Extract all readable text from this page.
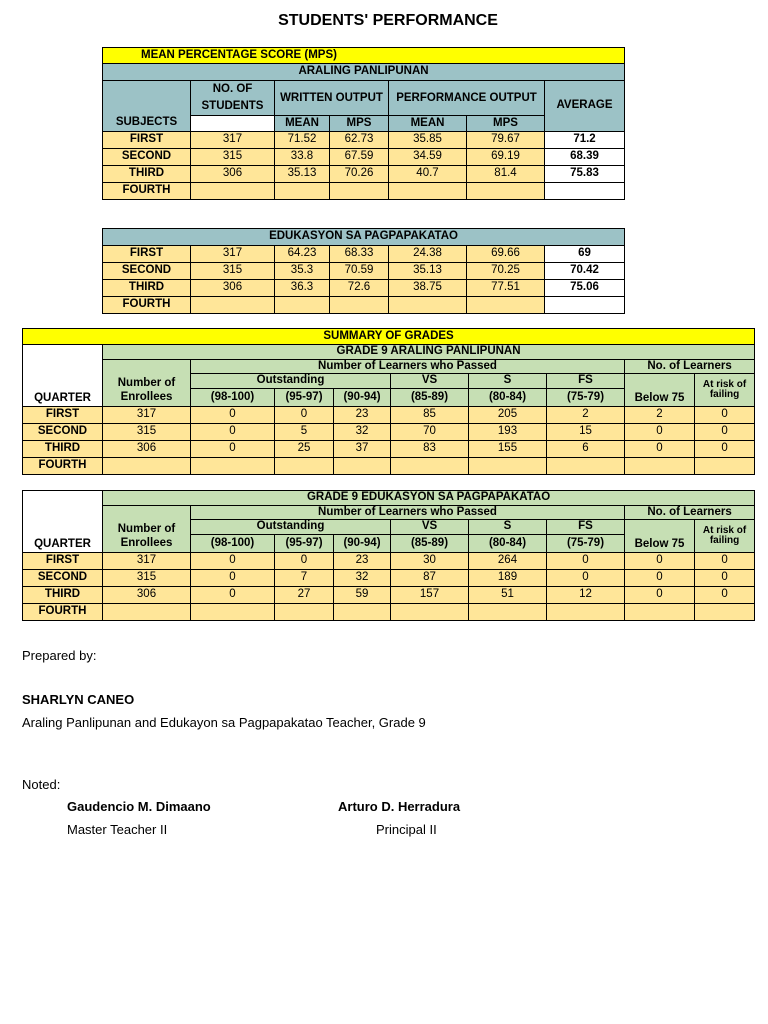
STUDENTS' PERFORMANCE
MEAN PERCENTAGE SCORE (MPS)						
ARALING PANLIPUNAN						
SUBJECTS	NO. OF STUDENTS	WRITTEN OUTPUT		PERFORMANCE OUTPUT		AVERAGE
		MEAN	MPS	MEAN	MPS	
FIRST	317	71.52	62.73	35.85	79.67	71.2
SECOND	315	33.8	67.59	34.59	69.19	68.39
THIRD	306	35.13	70.26	40.7	81.4	75.83
FOURTH						
EDUKASYON SA PAGPAPAKATAO						
FIRST	317	64.23	68.33	24.38	69.66	69
SECOND	315	35.3	70.59	35.13	70.25	70.42
THIRD	306	36.3	72.6	38.75	77.51	75.06
FOURTH						
SUMMARY OF GRADES									
QUARTER	GRADE 9 ARALING PANLIPUNAN								
	Number of Enrollees	Number of Learners who Passed						No. of Learners	
		Outstanding			VS	S	FS	Below 75	At risk of failing
		(98-100)	(95-97)	(90-94)	(85-89)	(80-84)	(75-79)		
FIRST	317	0	0	23	85	205	2	2	0
SECOND	315	0	5	32	70	193	15	0	0
THIRD	306	0	25	37	83	155	6	0	0
FOURTH									
QUARTER	GRADE 9 EDUKASYON SA PAGPAPAKATAO								
	Number of Enrollees	Number of Learners who Passed						No. of Learners	
		Outstanding			VS	S	FS	Below 75	At risk of failing
		(98-100)	(95-97)	(90-94)	(85-89)	(80-84)	(75-79)		
FIRST	317	0	0	23	30	264	0	0	0
SECOND	315	0	7	32	87	189	0	0	0
THIRD	306	0	27	59	157	51	12	0	0
FOURTH									
Prepared by:
SHARLYN CANEO
Araling Panlipunan and Edukayon sa Pagpapakatao Teacher, Grade 9
Noted:
Gaudencio M. Dimaano
Master Teacher II
Arturo D. Herradura
Principal II
